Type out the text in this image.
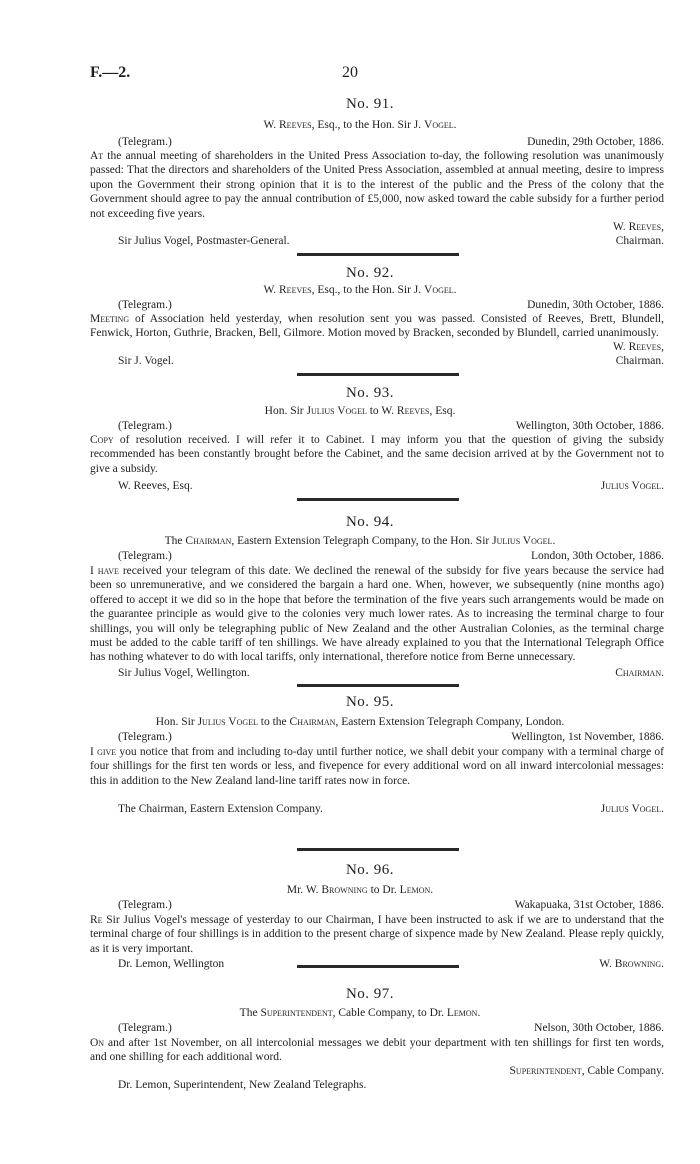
F.—2.	20
No. 91.
W. Reeves, Esq., to the Hon. Sir J. Vogel.
(Telegram.)	Dunedin, 29th October, 1886.
At the annual meeting of shareholders in the United Press Association to-day, the following resolution was unanimously passed: That the directors and shareholders of the United Press Association, assembled at annual meeting, desire to impress upon the Government their strong opinion that it is to the interest of the public and the Press of the colony that the Government should agree to pay the annual contribution of £5,000, now asked toward the cable subsidy for a further period not exceeding five years.
W. Reeves,
Sir Julius Vogel, Postmaster-General.	Chairman.
No. 92.
W. Reeves, Esq., to the Hon. Sir J. Vogel.
(Telegram.)	Dunedin, 30th October, 1886.
Meeting of Association held yesterday, when resolution sent you was passed. Consisted of Reeves, Brett, Blundell, Fenwick, Horton, Guthrie, Bracken, Bell, Gilmore. Motion moved by Bracken, seconded by Blundell, carried unanimously.
W. Reeves,
Sir J. Vogel.	Chairman.
No. 93.
Hon. Sir Julius Vogel to W. Reeves, Esq.
(Telegram.)	Wellington, 30th October, 1886.
Copy of resolution received. I will refer it to Cabinet. I may inform you that the question of giving the subsidy recommended has been constantly brought before the Cabinet, and the same decision arrived at by the Government not to give a subsidy.
W. Reeves, Esq.	Julius Vogel.
No. 94.
The Chairman, Eastern Extension Telegraph Company, to the Hon. Sir Julius Vogel.
(Telegram.)	London, 30th October, 1886.
I have received your telegram of this date. We declined the renewal of the subsidy for five years because the service had been so unremunerative, and we considered the bargain a hard one. When, however, we subsequently (nine months ago) offered to accept it we did so in the hope that before the termination of the five years such arrangements would be made on the guarantee principle as would give to the colonies very much lower rates. As to increasing the terminal charge to four shillings, you will only be telegraphing public of New Zealand and the other Australian Colonies, as the terminal charge must be added to the cable tariff of ten shillings. We have already explained to you that the International Telegraph Office has nothing whatever to do with local tariffs, only international, therefore notice from Berne unnecessary.
Sir Julius Vogel, Wellington.	Chairman.
No. 95.
Hon. Sir Julius Vogel to the Chairman, Eastern Extension Telegraph Company, London.
(Telegram.)	Wellington, 1st November, 1886.
I give you notice that from and including to-day until further notice, we shall debit your company with a terminal charge of four shillings for the first ten words or less, and fivepence for every additional word on all inward intercolonial messages: this in addition to the New Zealand land-line tariff rates now in force.
The Chairman, Eastern Extension Company.	Julius Vogel.
No. 96.
Mr. W. Browning to Dr. Lemon.
(Telegram.)	Wakapuaka, 31st October, 1886.
Re Sir Julius Vogel's message of yesterday to our Chairman, I have been instructed to ask if we are to understand that the terminal charge of four shillings is in addition to the present charge of sixpence made by New Zealand. Please reply quickly, as it is very important.
Dr. Lemon, Wellington	W. Browning.
No. 97.
The Superintendent, Cable Company, to Dr. Lemon.
(Telegram.)	Nelson, 30th October, 1886.
On and after 1st November, on all intercolonial messages we debit your department with ten shillings for first ten words, and one shilling for each additional word.
Superintendent, Cable Company.
Dr. Lemon, Superintendent, New Zealand Telegraphs.
